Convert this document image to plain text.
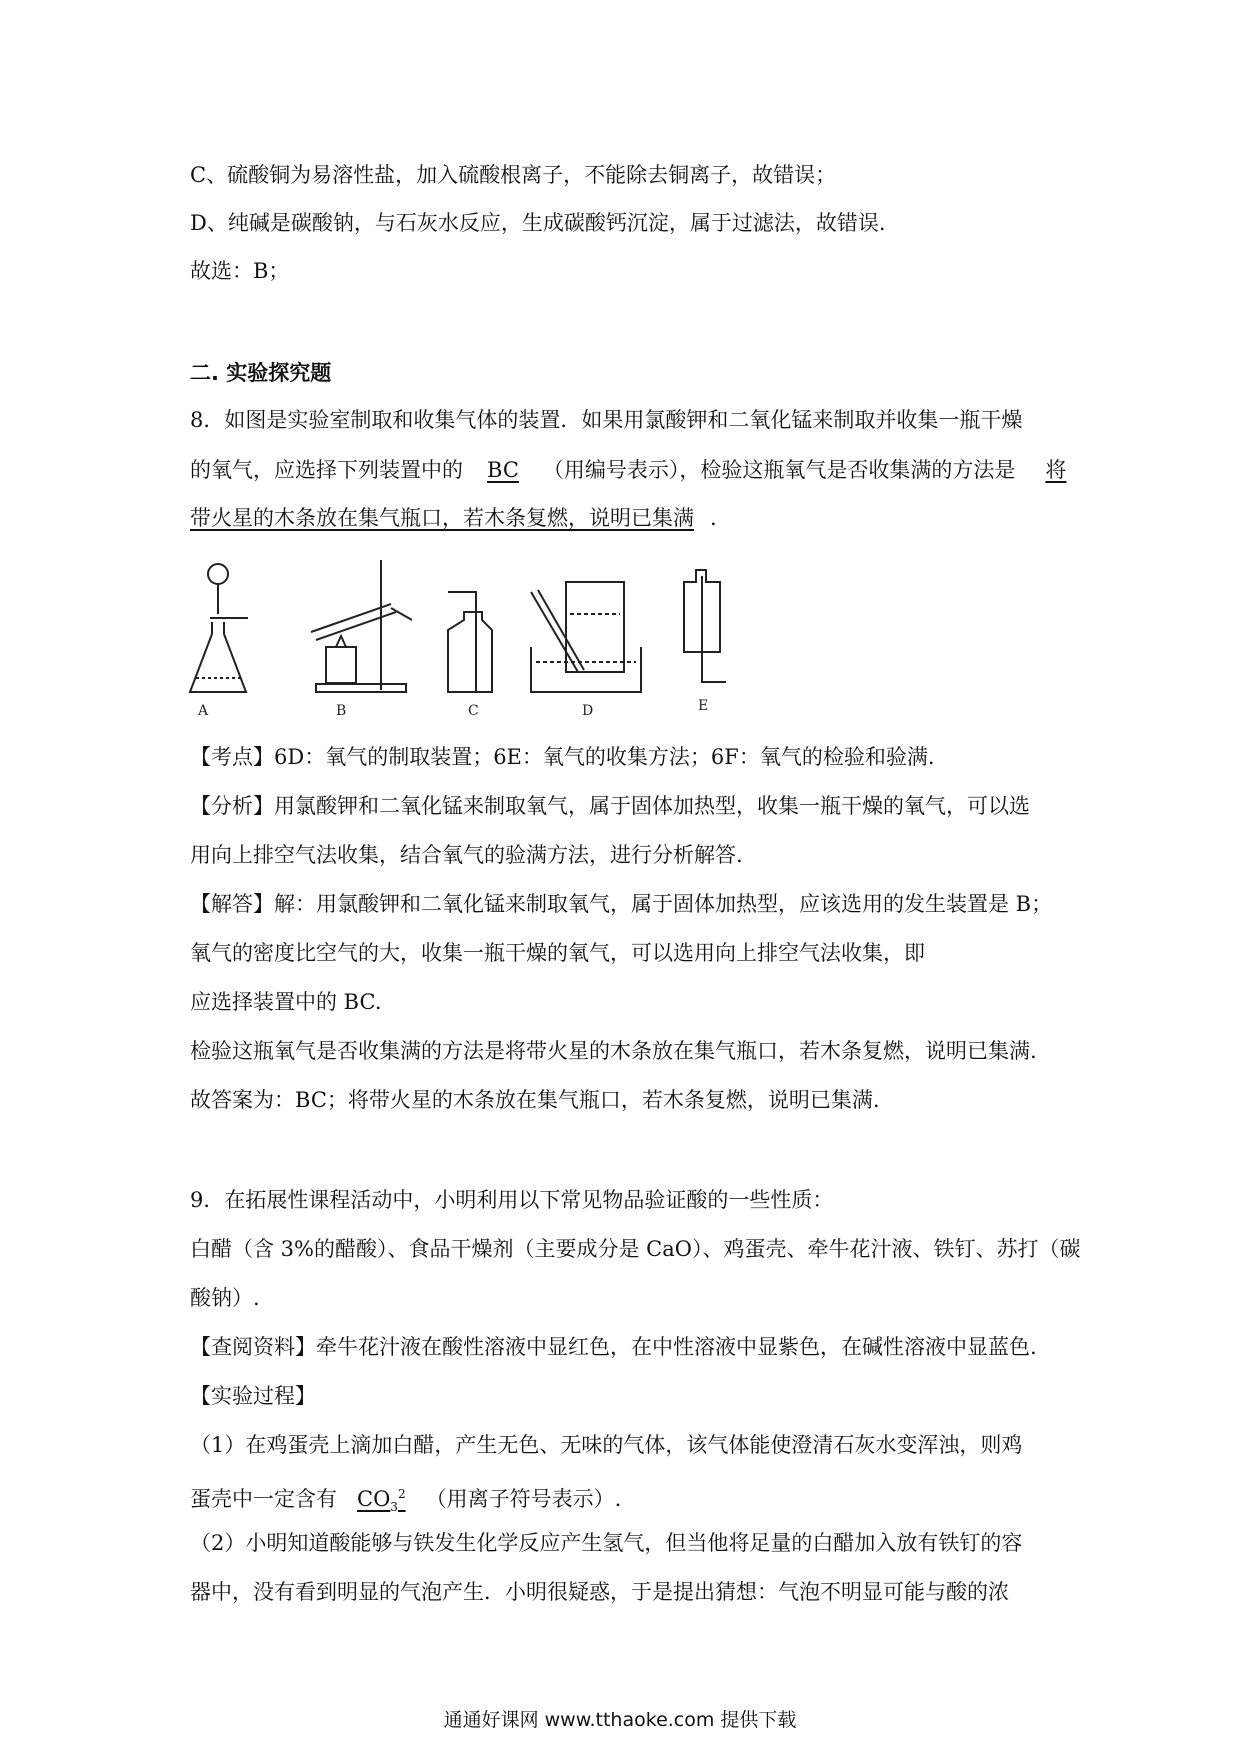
C、硫酸铜为易溶性盐，加入硫酸根离子，不能除去铜离子，故错误；
D、纯碱是碳酸钠，与石灰水反应，生成碳酸钙沉淀，属于过滤法，故错误.
故选：B；
二. 实验探究题
8．如图是实验室制取和收集气体的装置．如果用氯酸钾和二氧化锰来制取并收集一瓶干燥
的氧气，应选择下列装置中的 BC （用编号表示），检验这瓶氧气是否收集满的方法是 将
带火星的木条放在集气瓶口，若木条复燃，说明已集满 .
A	B	C	D	E
【考点】6D：氧气的制取装置；6E：氧气的收集方法；6F：氧气的检验和验满.
【分析】用氯酸钾和二氧化锰来制取氧气，属于固体加热型，收集一瓶干燥的氧气，可以选
用向上排空气法收集，结合氧气的验满方法，进行分析解答.
【解答】解：用氯酸钾和二氧化锰来制取氧气，属于固体加热型，应该选用的发生装置是 B；
氧气的密度比空气的大，收集一瓶干燥的氧气，可以选用向上排空气法收集，即
应选择装置中的 BC.
检验这瓶氧气是否收集满的方法是将带火星的木条放在集气瓶口，若木条复燃，说明已集满.
故答案为：BC；将带火星的木条放在集气瓶口，若木条复燃，说明已集满.
9．在拓展性课程活动中，小明利用以下常见物品验证酸的一些性质：
白醋（含 3%的醋酸）、食品干燥剂（主要成分是 CaO）、鸡蛋壳、牵牛花汁液、铁钉、苏打（碳
酸钠）.
【查阅资料】牵牛花汁液在酸性溶液中显红色，在中性溶液中显紫色，在碱性溶液中显蓝色.
【实验过程】
（1）在鸡蛋壳上滴加白醋，产生无色、无味的气体，该气体能使澄清石灰水变浑浊，则鸡
蛋壳中一定含有 $CO_3^2$ （用离子符号表示）.
（2）小明知道酸能够与铁发生化学反应产生氢气，但当他将足量的白醋加入放有铁钉的容
器中，没有看到明显的气泡产生．小明很疑惑，于是提出猜想：气泡不明显可能与酸的浓
通通好课网 www.tthaoke.com 提供下载
